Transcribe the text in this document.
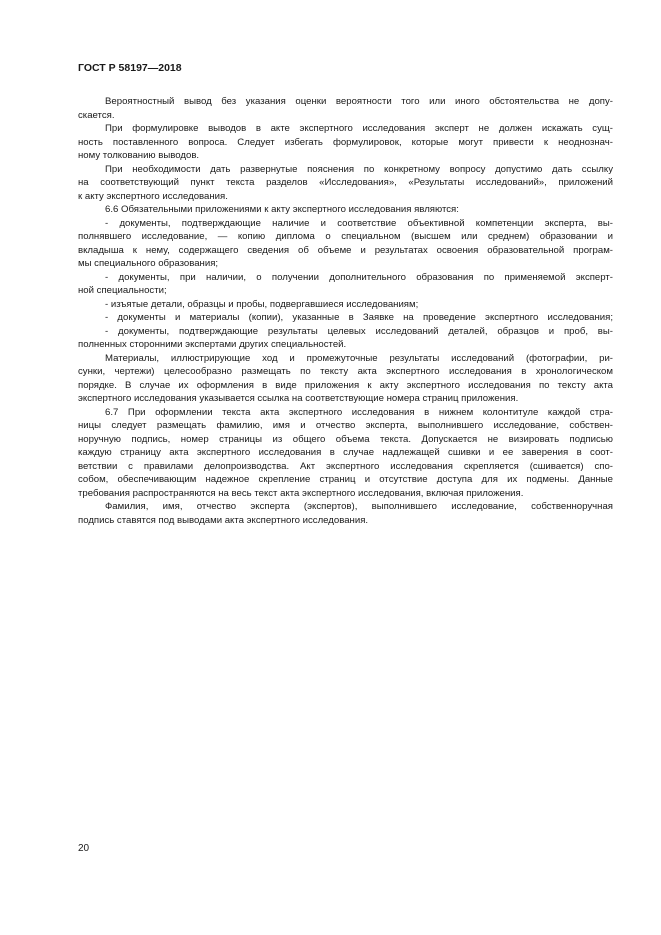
ГОСТ Р 58197—2018
Вероятностный вывод без указания оценки вероятности того или иного обстоятельства не допу-
скается.
При формулировке выводов в акте экспертного исследования эксперт не должен искажать сущ-
ность поставленного вопроса. Следует избегать формулировок, которые могут привести к неоднознач-
ному толкованию выводов.
При необходимости дать развернутые пояснения по конкретному вопросу допустимо дать ссылку
на соответствующий пункт текста разделов «Исследования», «Результаты исследований», приложений
к акту экспертного исследования.
6.6 Обязательными приложениями к акту экспертного исследования являются:
- документы, подтверждающие наличие и соответствие объективной компетенции эксперта, вы-
полнявшего исследование, — копию диплома о специальном (высшем или среднем) образовании и
вкладыша к нему, содержащего сведения об объеме и результатах освоения образовательной програм-
мы специального образования;
- документы, при наличии, о получении дополнительного образования по применяемой эксперт-
ной специальности;
- изъятые детали, образцы и пробы, подвергавшиеся исследованиям;
- документы и материалы (копии), указанные в Заявке на проведение экспертного исследования;
- документы, подтверждающие результаты целевых исследований деталей, образцов и проб, вы-
полненных сторонними экспертами других специальностей.
Материалы, иллюстрирующие ход и промежуточные результаты исследований (фотографии, ри-
сунки, чертежи) целесообразно размещать по тексту акта экспертного исследования в хронологическом
порядке. В случае их оформления в виде приложения к акту экспертного исследования по тексту акта
экспертного исследования указывается ссылка на соответствующие номера страниц приложения.
6.7 При оформлении текста акта экспертного исследования в нижнем колонтитуле каждой стра-
ницы следует размещать фамилию, имя и отчество эксперта, выполнившего исследование, собствен-
норучную подпись, номер страницы из общего объема текста. Допускается не визировать подписью
каждую страницу акта экспертного исследования в случае надлежащей сшивки и ее заверения в соот-
ветствии с правилами делопроизводства. Акт экспертного исследования скрепляется (сшивается) спо-
собом, обеспечивающим надежное скрепление страниц и отсутствие доступа для их подмены. Данные
требования распространяются на весь текст акта экспертного исследования, включая приложения.
Фамилия, имя, отчество эксперта (экспертов), выполнившего исследование, собственноручная
подпись ставятся под выводами акта экспертного исследования.
20
